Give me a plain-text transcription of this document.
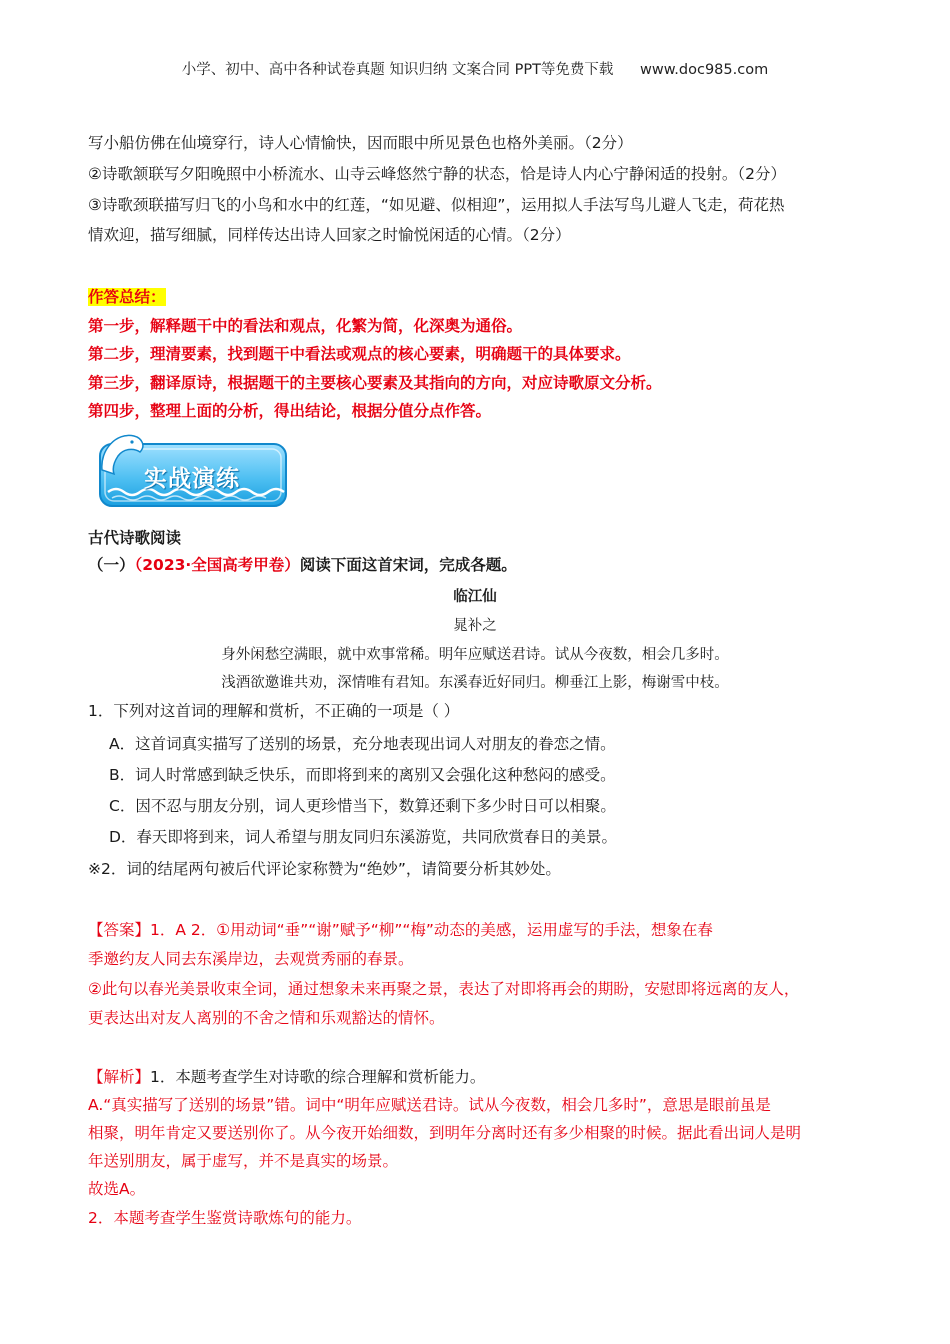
小学、初中、高中各种试卷真题 知识归纳 文案合同 PPT等免费下载 www.doc985.com
写小船仿佛在仙境穿行，诗人心情愉快，因而眼中所见景色也格外美丽。（2分）
②诗歌颔联写夕阳晚照中小桥流水、山寺云峰悠然宁静的状态，恰是诗人内心宁静闲适的投射。（2分）
③诗歌颈联描写归飞的小鸟和水中的红莲，“如见避、似相迎”，运用拟人手法写鸟儿避人飞走，荷花热
情欢迎，描写细腻，同样传达出诗人回家之时愉悦闲适的心情。（2分）
作答总结：
第一步，解释题干中的看法和观点，化繁为简，化深奥为通俗。
第二步，理清要素，找到题干中看法或观点的核心要素，明确题干的具体要求。
第三步，翻译原诗，根据题干的主要核心要素及其指向的方向，对应诗歌原文分析。
第四步，整理上面的分析，得出结论，根据分值分点作答。
实战演练
古代诗歌阅读
（一）（2023·全国高考甲卷）阅读下面这首宋词，完成各题。
临江仙
晁补之
身外闲愁空满眼，就中欢事常稀。明年应赋送君诗。试从今夜数，相会几多时。
浅酒欲邀谁共劝，深情唯有君知。东溪春近好同归。柳垂江上影，梅谢雪中枝。
1．下列对这首词的理解和赏析，不正确的一项是（ ）
A．这首词真实描写了送别的场景，充分地表现出词人对朋友的眷恋之情。
B．词人时常感到缺乏快乐，而即将到来的离别又会强化这种愁闷的感受。
C．因不忍与朋友分别，词人更珍惜当下，数算还剩下多少时日可以相聚。
D．春天即将到来，词人希望与朋友同归东溪游览，共同欣赏春日的美景。
※2．词的结尾两句被后代评论家称赞为“绝妙”，请简要分析其妙处。
【答案】1．A 2．①用动词“垂”“谢”赋予“柳”“梅”动态的美感，运用虚写的手法，想象在春
季邀约友人同去东溪岸边，去观赏秀丽的春景。
②此句以春光美景收束全词，通过想象未来再聚之景，表达了对即将再会的期盼，安慰即将远离的友人，
更表达出对友人离别的不舍之情和乐观豁达的情怀。
【解析】1．本题考查学生对诗歌的综合理解和赏析能力。
A.“真实描写了送别的场景”错。词中“明年应赋送君诗。试从今夜数，相会几多时”，意思是眼前虽是
相聚，明年肯定又要送别你了。从今夜开始细数，到明年分离时还有多少相聚的时候。据此看出词人是明
年送别朋友，属于虚写，并不是真实的场景。
故选A。
2．本题考查学生鉴赏诗歌炼句的能力。
